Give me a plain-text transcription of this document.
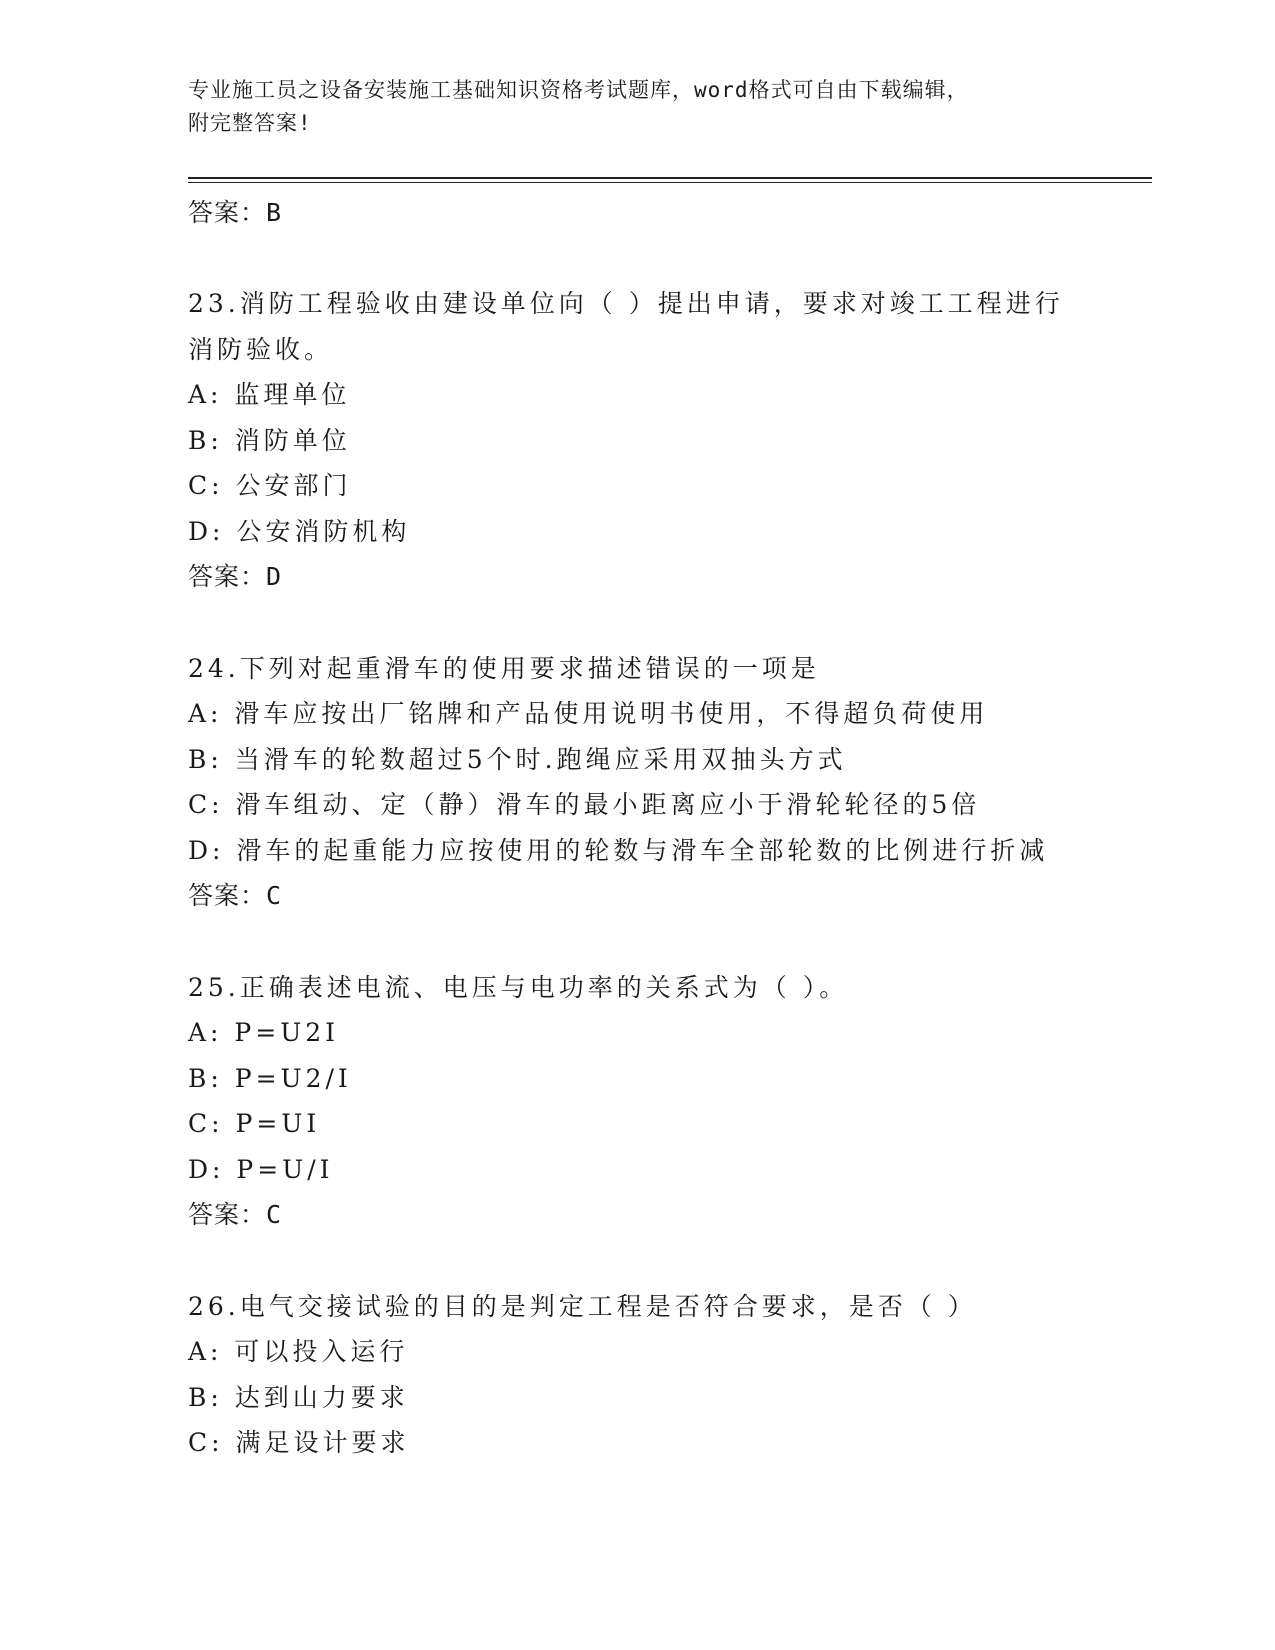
专业施工员之设备安装施工基础知识资格考试题库，word格式可自由下载编辑，
附完整答案!
答案：B
23.消防工程验收由建设单位向（ ）提出申请，要求对竣工工程进行
消防验收。
A: 监理单位
B: 消防单位
C: 公安部门
D: 公安消防机构
答案：D
24.下列对起重滑车的使用要求描述错误的一项是
A: 滑车应按出厂铭牌和产品使用说明书使用，不得超负荷使用
B: 当滑车的轮数超过5个时.跑绳应采用双抽头方式
C: 滑车组动、定（静）滑车的最小距离应小于滑轮轮径的5倍
D: 滑车的起重能力应按使用的轮数与滑车全部轮数的比例进行折减
答案：C
25.正确表述电流、电压与电功率的关系式为（ ）。
A: P=U2I
B: P=U2/I
C: P=UI
D: P=U/I
答案：C
26.电气交接试验的目的是判定工程是否符合要求，是否（ ）
A: 可以投入运行
B: 达到山力要求
C: 满足设计要求
